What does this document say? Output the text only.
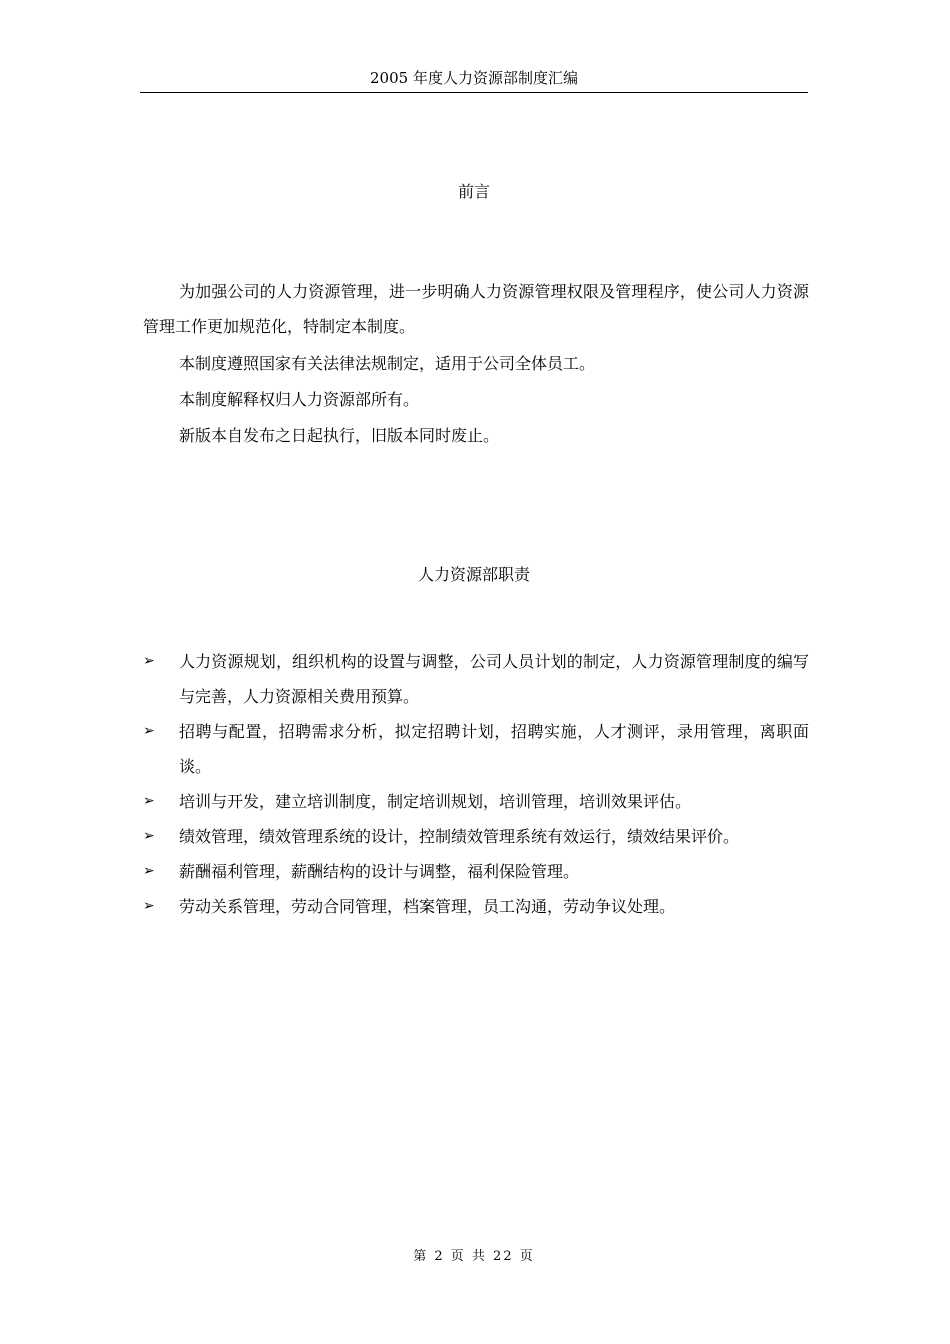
2005 年度人力资源部制度汇编
前言

为加强公司的人力资源管理，进一步明确人力资源管理权限及管理程序，使公司人力资源管理工作更加规范化，特制定本制度。

本制度遵照国家有关法律法规制定，适用于公司全体员工。

本制度解释权归人力资源部所有。

新版本自发布之日起执行，旧版本同时废止。

人力资源部职责
➢ 人力资源规划，组织机构的设置与调整，公司人员计划的制定，人力资源管理制度的编写与完善，人力资源相关费用预算。
➢ 招聘与配置，招聘需求分析，拟定招聘计划，招聘实施，人才测评，录用管理，离职面谈。
➢ 培训与开发，建立培训制度，制定培训规划，培训管理，培训效果评估。
➢ 绩效管理，绩效管理系统的设计，控制绩效管理系统有效运行，绩效结果评价。
➢ 薪酬福利管理，薪酬结构的设计与调整，福利保险管理。
➢ 劳动关系管理，劳动合同管理，档案管理，员工沟通，劳动争议处理。
第 2 页 共 22 页
